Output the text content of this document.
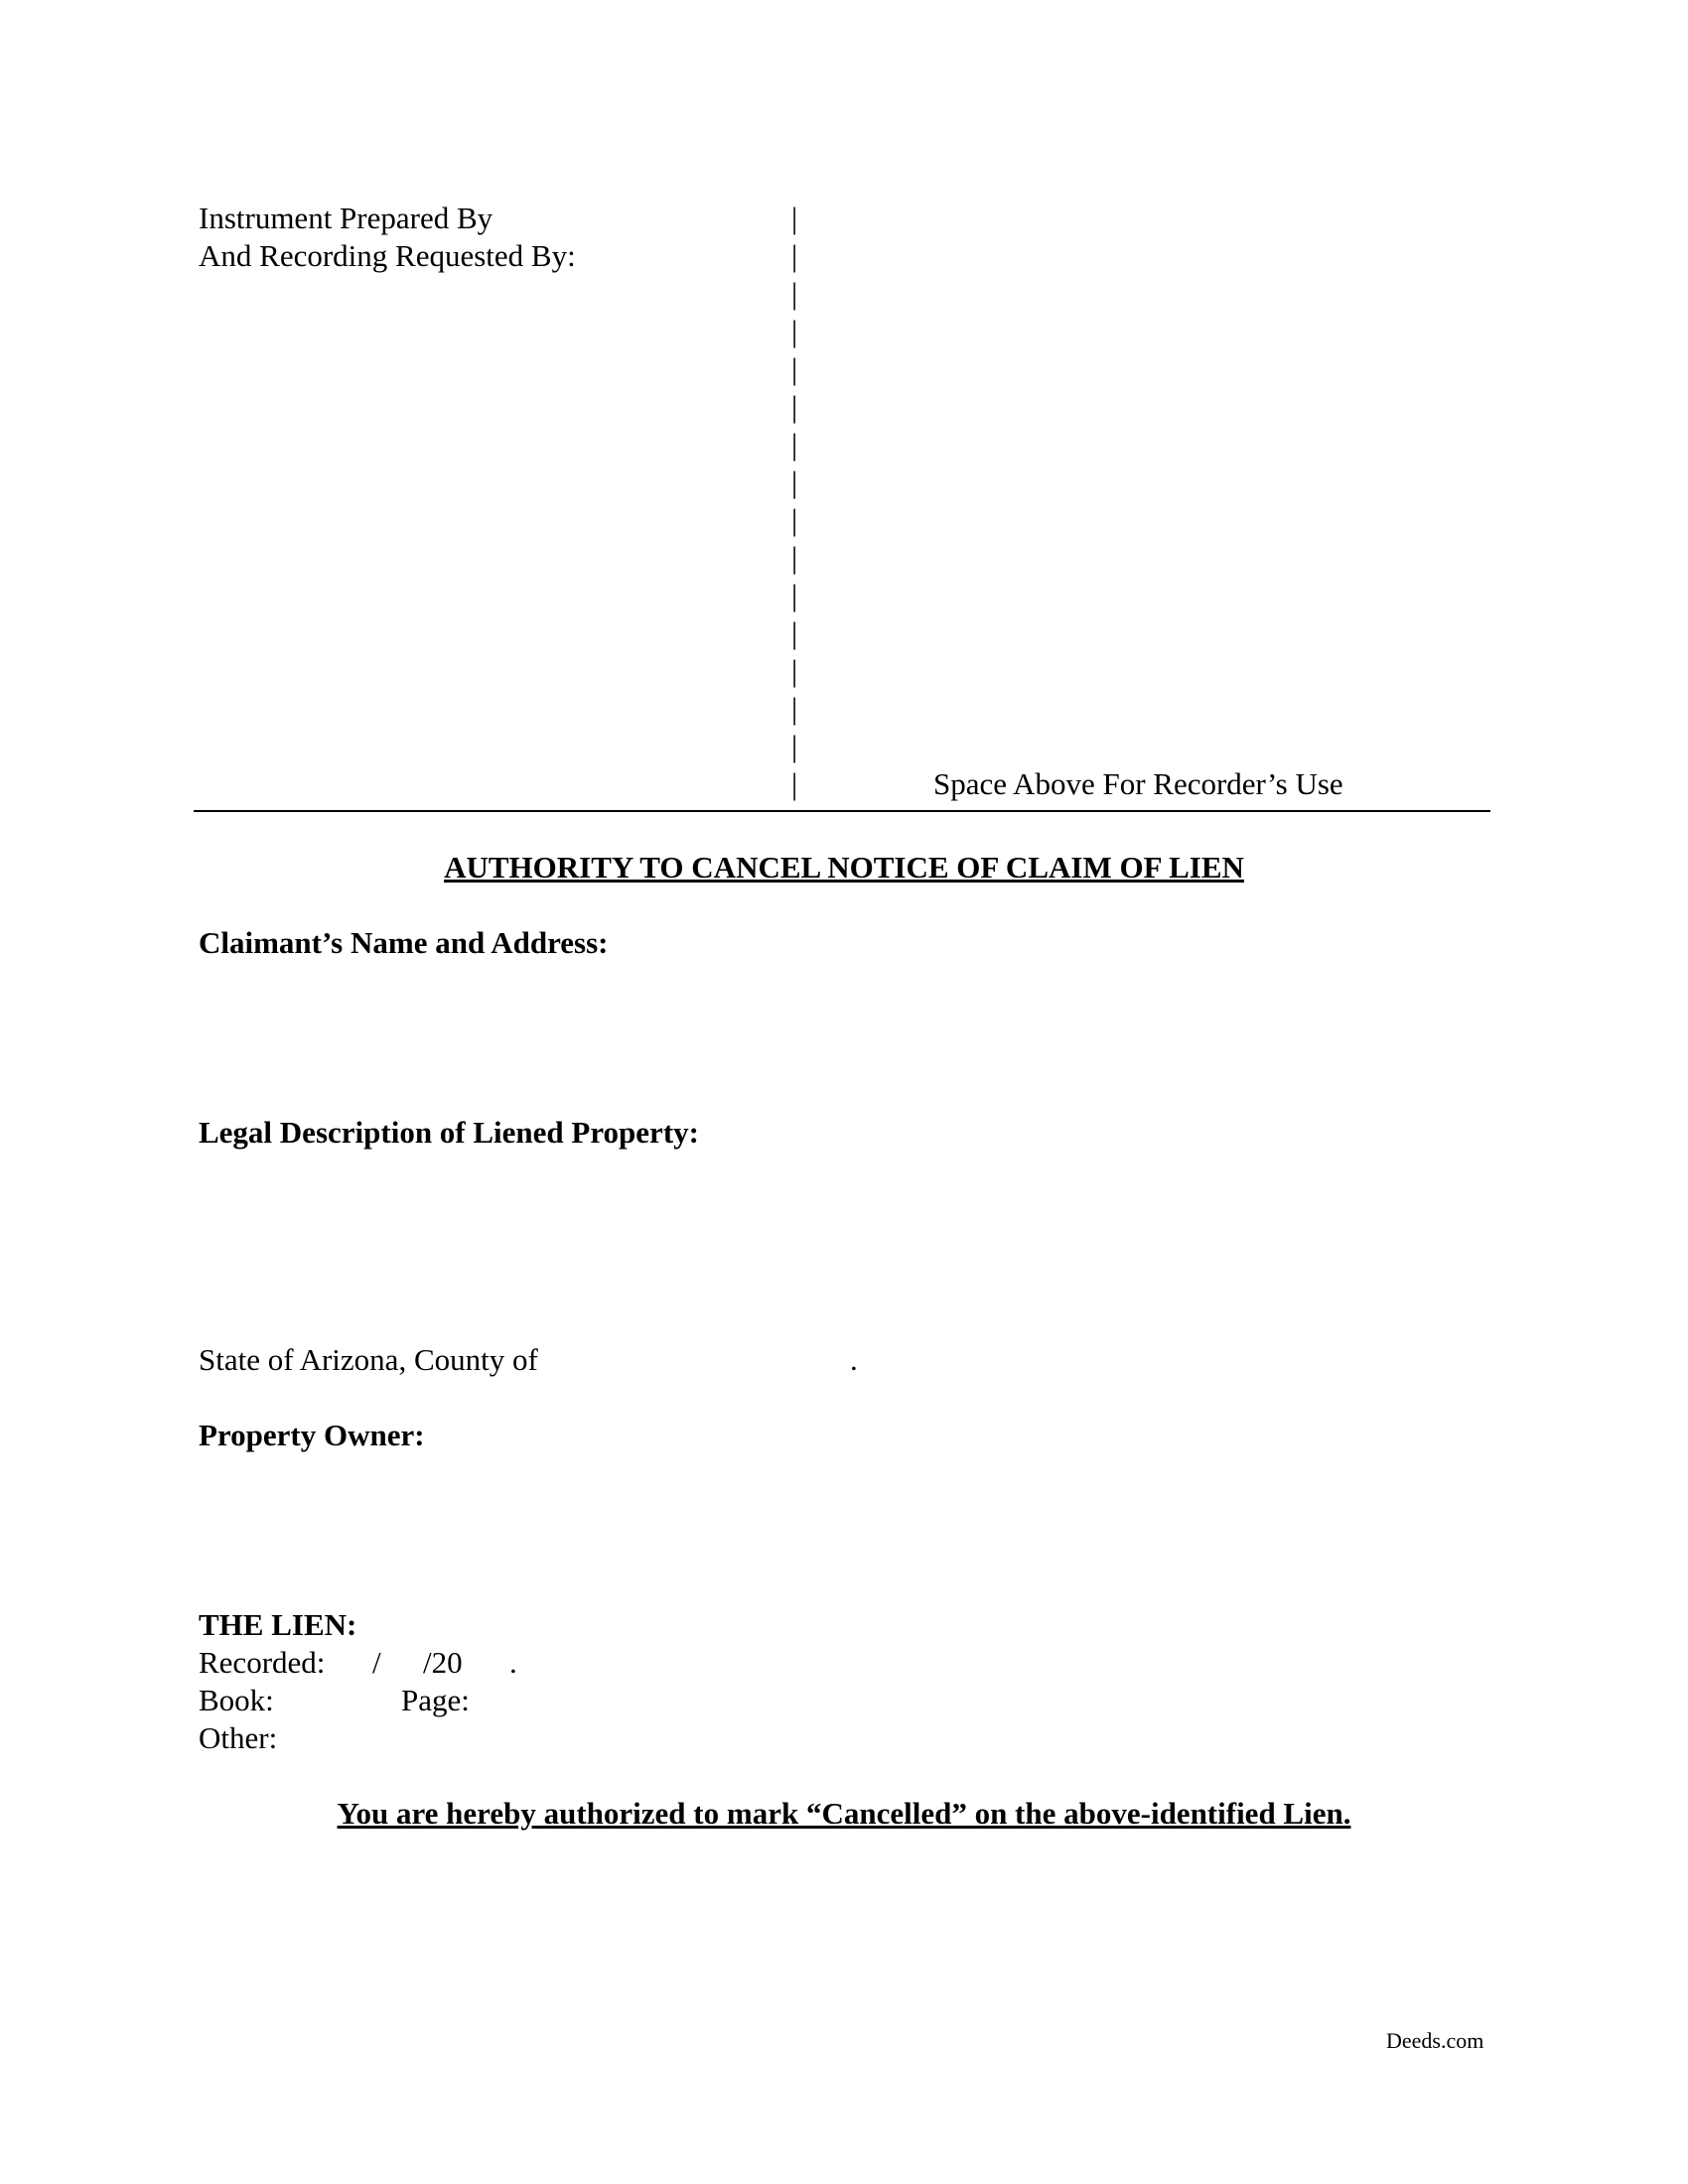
Instrument Prepared By
And Recording Requested By:
|
|
|
|
|
|
|
|
|
|
|
|
|
|
|
|	Space Above For Recorder’s Use
AUTHORITY TO CANCEL NOTICE OF CLAIM OF LIEN
Claimant’s Name and Address:
Legal Description of Liened Property:
State of Arizona, County of	.
Property Owner:
THE LIEN:
Recorded: / /20 .
Book:	Page:
Other:
You are hereby authorized to mark “Cancelled” on the above-identified Lien.
Deeds.com
